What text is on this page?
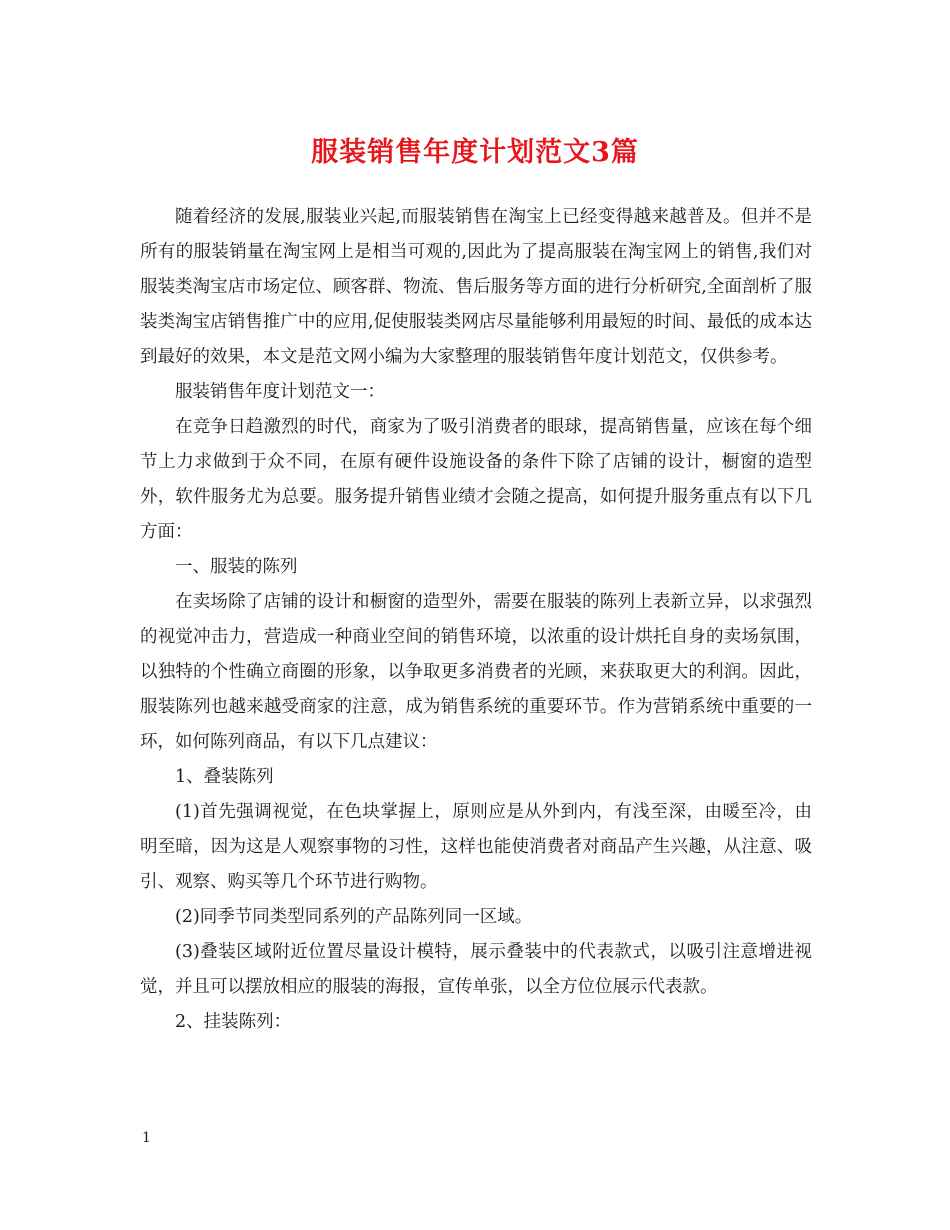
服装销售年度计划范文3篇

随着经济的发展,服装业兴起,而服装销售在淘宝上已经变得越来越普及。但并不是所有的服装销量在淘宝网上是相当可观的,因此为了提高服装在淘宝网上的销售,我们对服装类淘宝店市场定位、顾客群、物流、售后服务等方面的进行分析研究,全面剖析了服装类淘宝店销售推广中的应用,促使服装类网店尽量能够利用最短的时间、最低的成本达到最好的效果，本文是范文网小编为大家整理的服装销售年度计划范文，仅供参考。

服装销售年度计划范文一：

在竞争日趋激烈的时代，商家为了吸引消费者的眼球，提高销售量，应该在每个细节上力求做到于众不同，在原有硬件设施设备的条件下除了店铺的设计，橱窗的造型外，软件服务尤为总要。服务提升销售业绩才会随之提高，如何提升服务重点有以下几方面：

一、服装的陈列

在卖场除了店铺的设计和橱窗的造型外，需要在服装的陈列上表新立异，以求强烈的视觉冲击力，营造成一种商业空间的销售环境，以浓重的设计烘托自身的卖场氛围，以独特的个性确立商圈的形象，以争取更多消费者的光顾，来获取更大的利润。因此，服装陈列也越来越受商家的注意，成为销售系统的重要环节。作为营销系统中重要的一环，如何陈列商品，有以下几点建议：

1、叠装陈列

(1)首先强调视觉，在色块掌握上，原则应是从外到内，有浅至深，由暖至冷，由明至暗，因为这是人观察事物的习性，这样也能使消费者对商品产生兴趣，从注意、吸引、观察、购买等几个环节进行购物。

(2)同季节同类型同系列的产品陈列同一区域。

(3)叠装区域附近位置尽量设计模特，展示叠装中的代表款式，以吸引注意增进视觉，并且可以摆放相应的服装的海报，宣传单张，以全方位位展示代表款。

2、挂装陈列：

1
